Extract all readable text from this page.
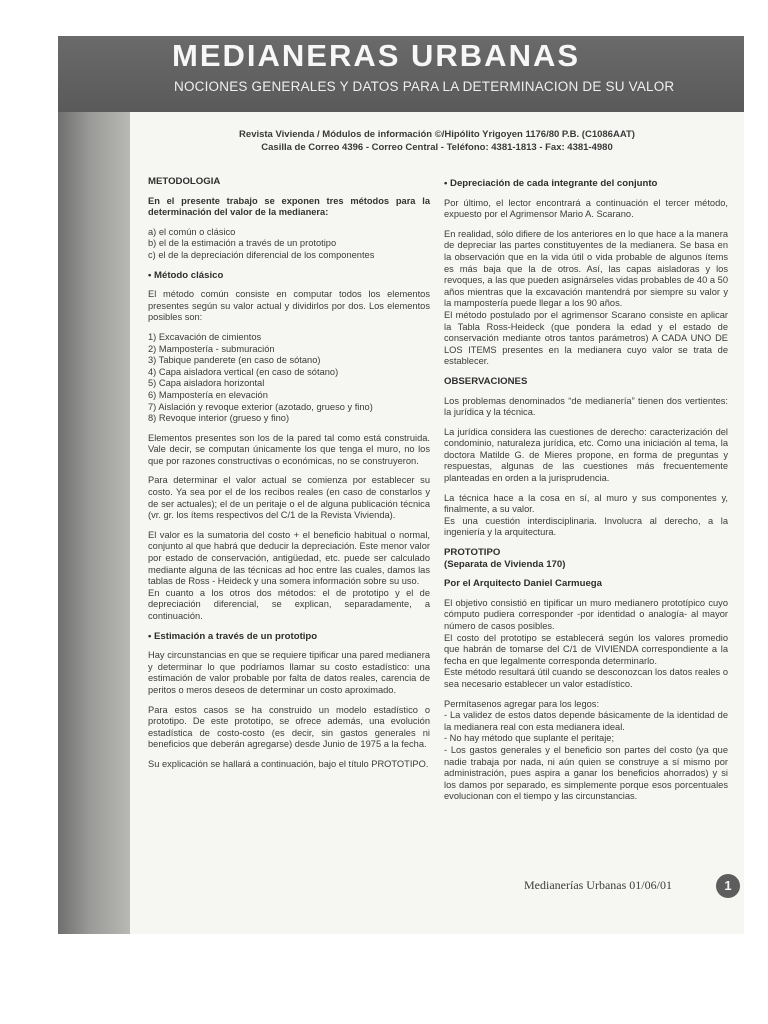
MEDIANERAS URBANAS
NOCIONES GENERALES Y DATOS PARA LA DETERMINACION DE SU VALOR
Revista Vivienda / Módulos de información ©/Hipólito Yrigoyen 1176/80 P.B. (C1086AAT)
Casilla de Correo 4396 - Correo Central - Teléfono: 4381-1813 - Fax: 4381-4980
METODOLOGIA

En el presente trabajo se exponen tres métodos para la determinación del valor de la medianera:

a) el común o clásico
b) el de la estimación a través de un prototipo
c) el de la depreciación diferencial de los componentes
• Método clásico

El método común consiste en computar todos los elementos presentes según su valor actual y dividirlos por dos. Los elementos posibles son:

1) Excavación de cimientos
2) Mampostería - submuración
3) Tabique panderete (en caso de sótano)
4) Capa aisladora vertical (en caso de sótano)
5) Capa aisladora horizontal
6) Mampostería en elevación
7) Aislación y revoque exterior (azotado, grueso y fino)
8) Revoque interior (grueso y fino)

Elementos presentes son los de la pared tal como está construida. Vale decir, se computan únicamente los que tenga el muro, no los que por razones constructivas o económicas, no se construyeron.

Para determinar el valor actual se comienza por establecer su costo. Ya sea por el de los recibos reales (en caso de constarlos y de ser actuales); el de un peritaje o el de alguna publicación técnica (vr. gr. los ítems respectivos del C/1 de la Revista Vivienda).

El valor es la sumatoria del costo + el beneficio habitual o normal, conjunto al que habrá que deducir la depreciación. Este menor valor por estado de conservación, antigüedad, etc. puede ser calculado mediante alguna de las técnicas ad hoc entre las cuales, damos las tablas de Ross - Heideck y una somera información sobre su uso.

En cuanto a los otros dos métodos: el de prototipo y el de depreciación diferencial, se explican, separadamente, a continuación.

• Estimación a través de un prototipo

Hay circunstancias en que se requiere tipificar una pared medianera y determinar lo que podríamos llamar su costo estadístico: una estimación de valor probable por falta de datos reales, carencia de peritos o meros deseos de determinar un costo aproximado.

Para estos casos se ha construido un modelo estadístico o prototipo. De este prototipo, se ofrece además, una evolución estadística de costo-costo (es decir, sin gastos generales ni beneficios que deberán agregarse) desde Junio de 1975 a la fecha.

Su explicación se hallará a continuación, bajo el título PROTOTIPO.

• Depreciación de cada integrante del conjunto

Por último, el lector encontrará a continuación el tercer método, expuesto por el Agrimensor Mario A. Scarano.

En realidad, sólo difiere de los anteriores en lo que hace a la manera de depreciar las partes constituyentes de la medianera. Se basa en la observación que en la vida útil o vida probable de algunos ítems es más baja que la de otros. Así, las capas aisladoras y los revoques, a las que pueden asignárseles vidas probables de 40 a 50 años mientras que la excavación mantendrá por siempre su valor y la mampostería puede llegar a los 90 años.

El método postulado por el agrimensor Scarano consiste en aplicar la Tabla Ross-Heideck (que pondera la edad y el estado de conservación mediante otros tantos parámetros) A CADA UNO DE LOS ITEMS presentes en la medianera cuyo valor se trata de establecer.

OBSERVACIONES

Los problemas denominados “de medianería” tienen dos vertientes: la jurídica y la técnica.

La jurídica considera las cuestiones de derecho: caracterización del condominio, naturaleza jurídica, etc. Como una iniciación al tema, la doctora Matilde G. de Mieres propone, en forma de preguntas y respuestas, algunas de las cuestiones más frecuentemente planteadas en orden a la jurisprudencia.

La técnica hace a la cosa en sí, al muro y sus componentes y, finalmente, a su valor.

Es una cuestión interdisciplinaria. Involucra al derecho, a la ingeniería y la arquitectura.

PROTOTIPO
(Separata de Vivienda 170)
Por el Arquitecto Daniel Carmuega

El objetivo consistió en tipificar un muro medianero prototípico cuyo cómputo pudiera corresponder -por identidad o analogía- al mayor número de casos posibles.

El costo del prototipo se establecerá según los valores promedio que habrán de tomarse del C/1 de VIVIENDA correspondiente a la fecha en que legalmente corresponda determinarlo.

Este método resultará útil cuando se desconozcan los datos reales o sea necesario establecer un valor estadístico.

Permítasenos agregar para los legos:

- La validez de estos datos depende básicamente de la identidad de la medianera real con esta medianera ideal.

- No hay método que suplante el peritaje;

- Los gastos generales y el beneficio son partes del costo (ya que nadie trabaja por nada, ni aún quien se construye a sí mismo por administración, pues aspira a ganar los beneficios ahorrados) y si los damos por separado, es simplemente porque esos porcentuales evolucionan con el tiempo y las circunstancias.

Medianerías Urbanas 01/06/01	1
